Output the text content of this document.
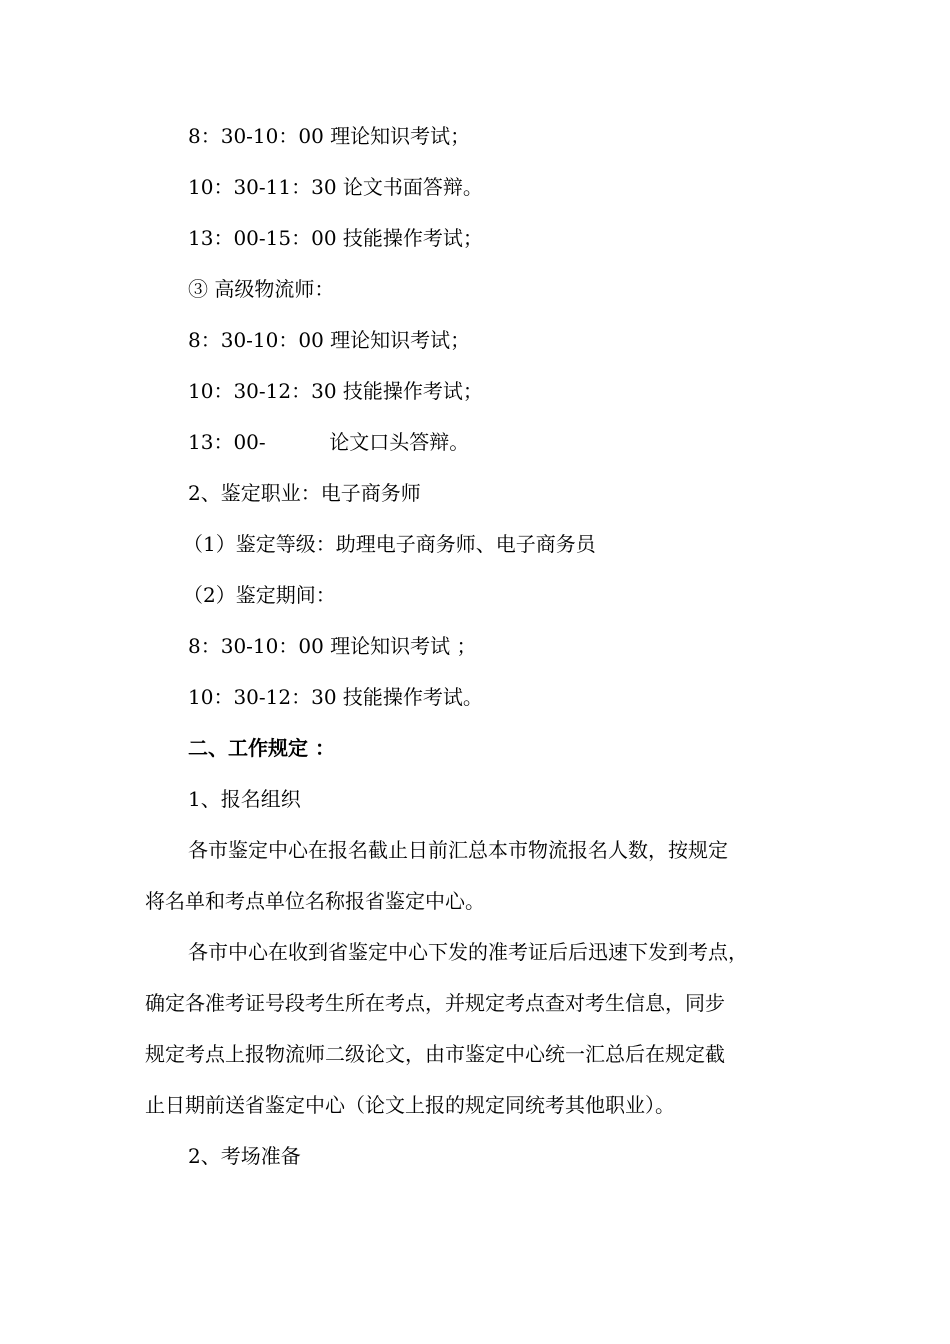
8：30-10：00 理论知识考试；
10：30-11：30 论文书面答辩。
13：00-15：00 技能操作考试；
③ 高级物流师：
8：30-10：00 理论知识考试；
10：30-12：30 技能操作考试；
13：00-          论文口头答辩。
2、鉴定职业：电子商务师
（1）鉴定等级：助理电子商务师、电子商务员
（2）鉴定期间：
8：30-10：00 理论知识考试 ；
10：30-12：30 技能操作考试。
二、工作规定 ：
1、报名组织
各市鉴定中心在报名截止日前汇总本市物流报名人数，按规定
将名单和考点单位名称报省鉴定中心。
各市中心在收到省鉴定中心下发的准考证后后迅速下发到考点，
确定各准考证号段考生所在考点，并规定考点查对考生信息，同步
规定考点上报物流师二级论文，由市鉴定中心统一汇总后在规定截
止日期前送省鉴定中心（论文上报的规定同统考其他职业）。
2、考场准备
